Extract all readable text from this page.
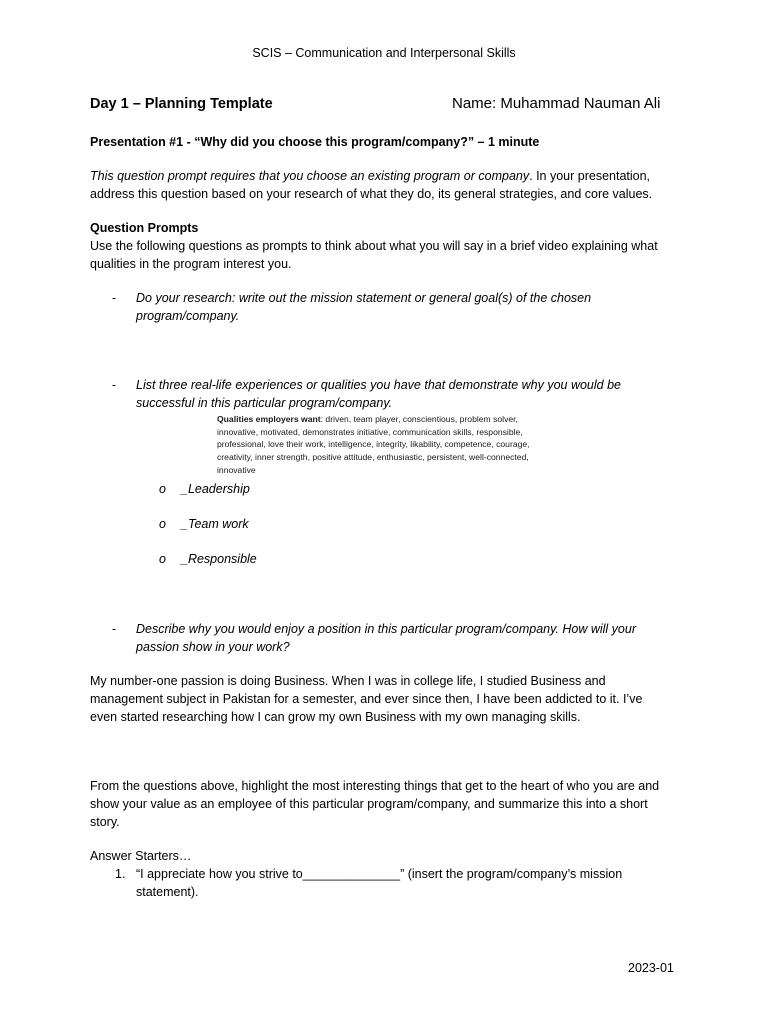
SCIS – Communication and Interpersonal Skills
Day 1 – Planning Template	Name: Muhammad Nauman Ali
Presentation #1 - “Why did you choose this program/company?” – 1 minute
This question prompt requires that you choose an existing program or company. In your presentation,
address this question based on your research of what they do, its general strategies, and core values.
Question Prompts
Use the following questions as prompts to think about what you will say in a brief video explaining what
qualities in the program interest you.
- Do your research: write out the mission statement or general goal(s) of the chosen
program/company.
- List three real-life experiences or qualities you have that demonstrate why you would be
successful in this particular program/company.
Qualities employers want: driven, team player, conscientious, problem solver,
innovative, motivated, demonstrates initiative, communication skills, responsible,
professional, love their work, intelligence, integrity, likability, competence, courage,
creativity, inner strength, positive attitude, enthusiastic, persistent, well-connected,
innovative
o _Leadership
o _Team work
o _Responsible
- Describe why you would enjoy a position in this particular program/company. How will your
passion show in your work?
My number-one passion is doing Business. When I was in college life, I studied Business and
management subject in Pakistan for a semester, and ever since then, I have been addicted to it. I’ve
even started researching how I can grow my own Business with my own managing skills.
From the questions above, highlight the most interesting things that get to the heart of who you are and
show your value as an employee of this particular program/company, and summarize this into a short
story.
Answer Starters…
1. “I appreciate how you strive to______________” (insert the program/company’s mission
statement).
2023-01
